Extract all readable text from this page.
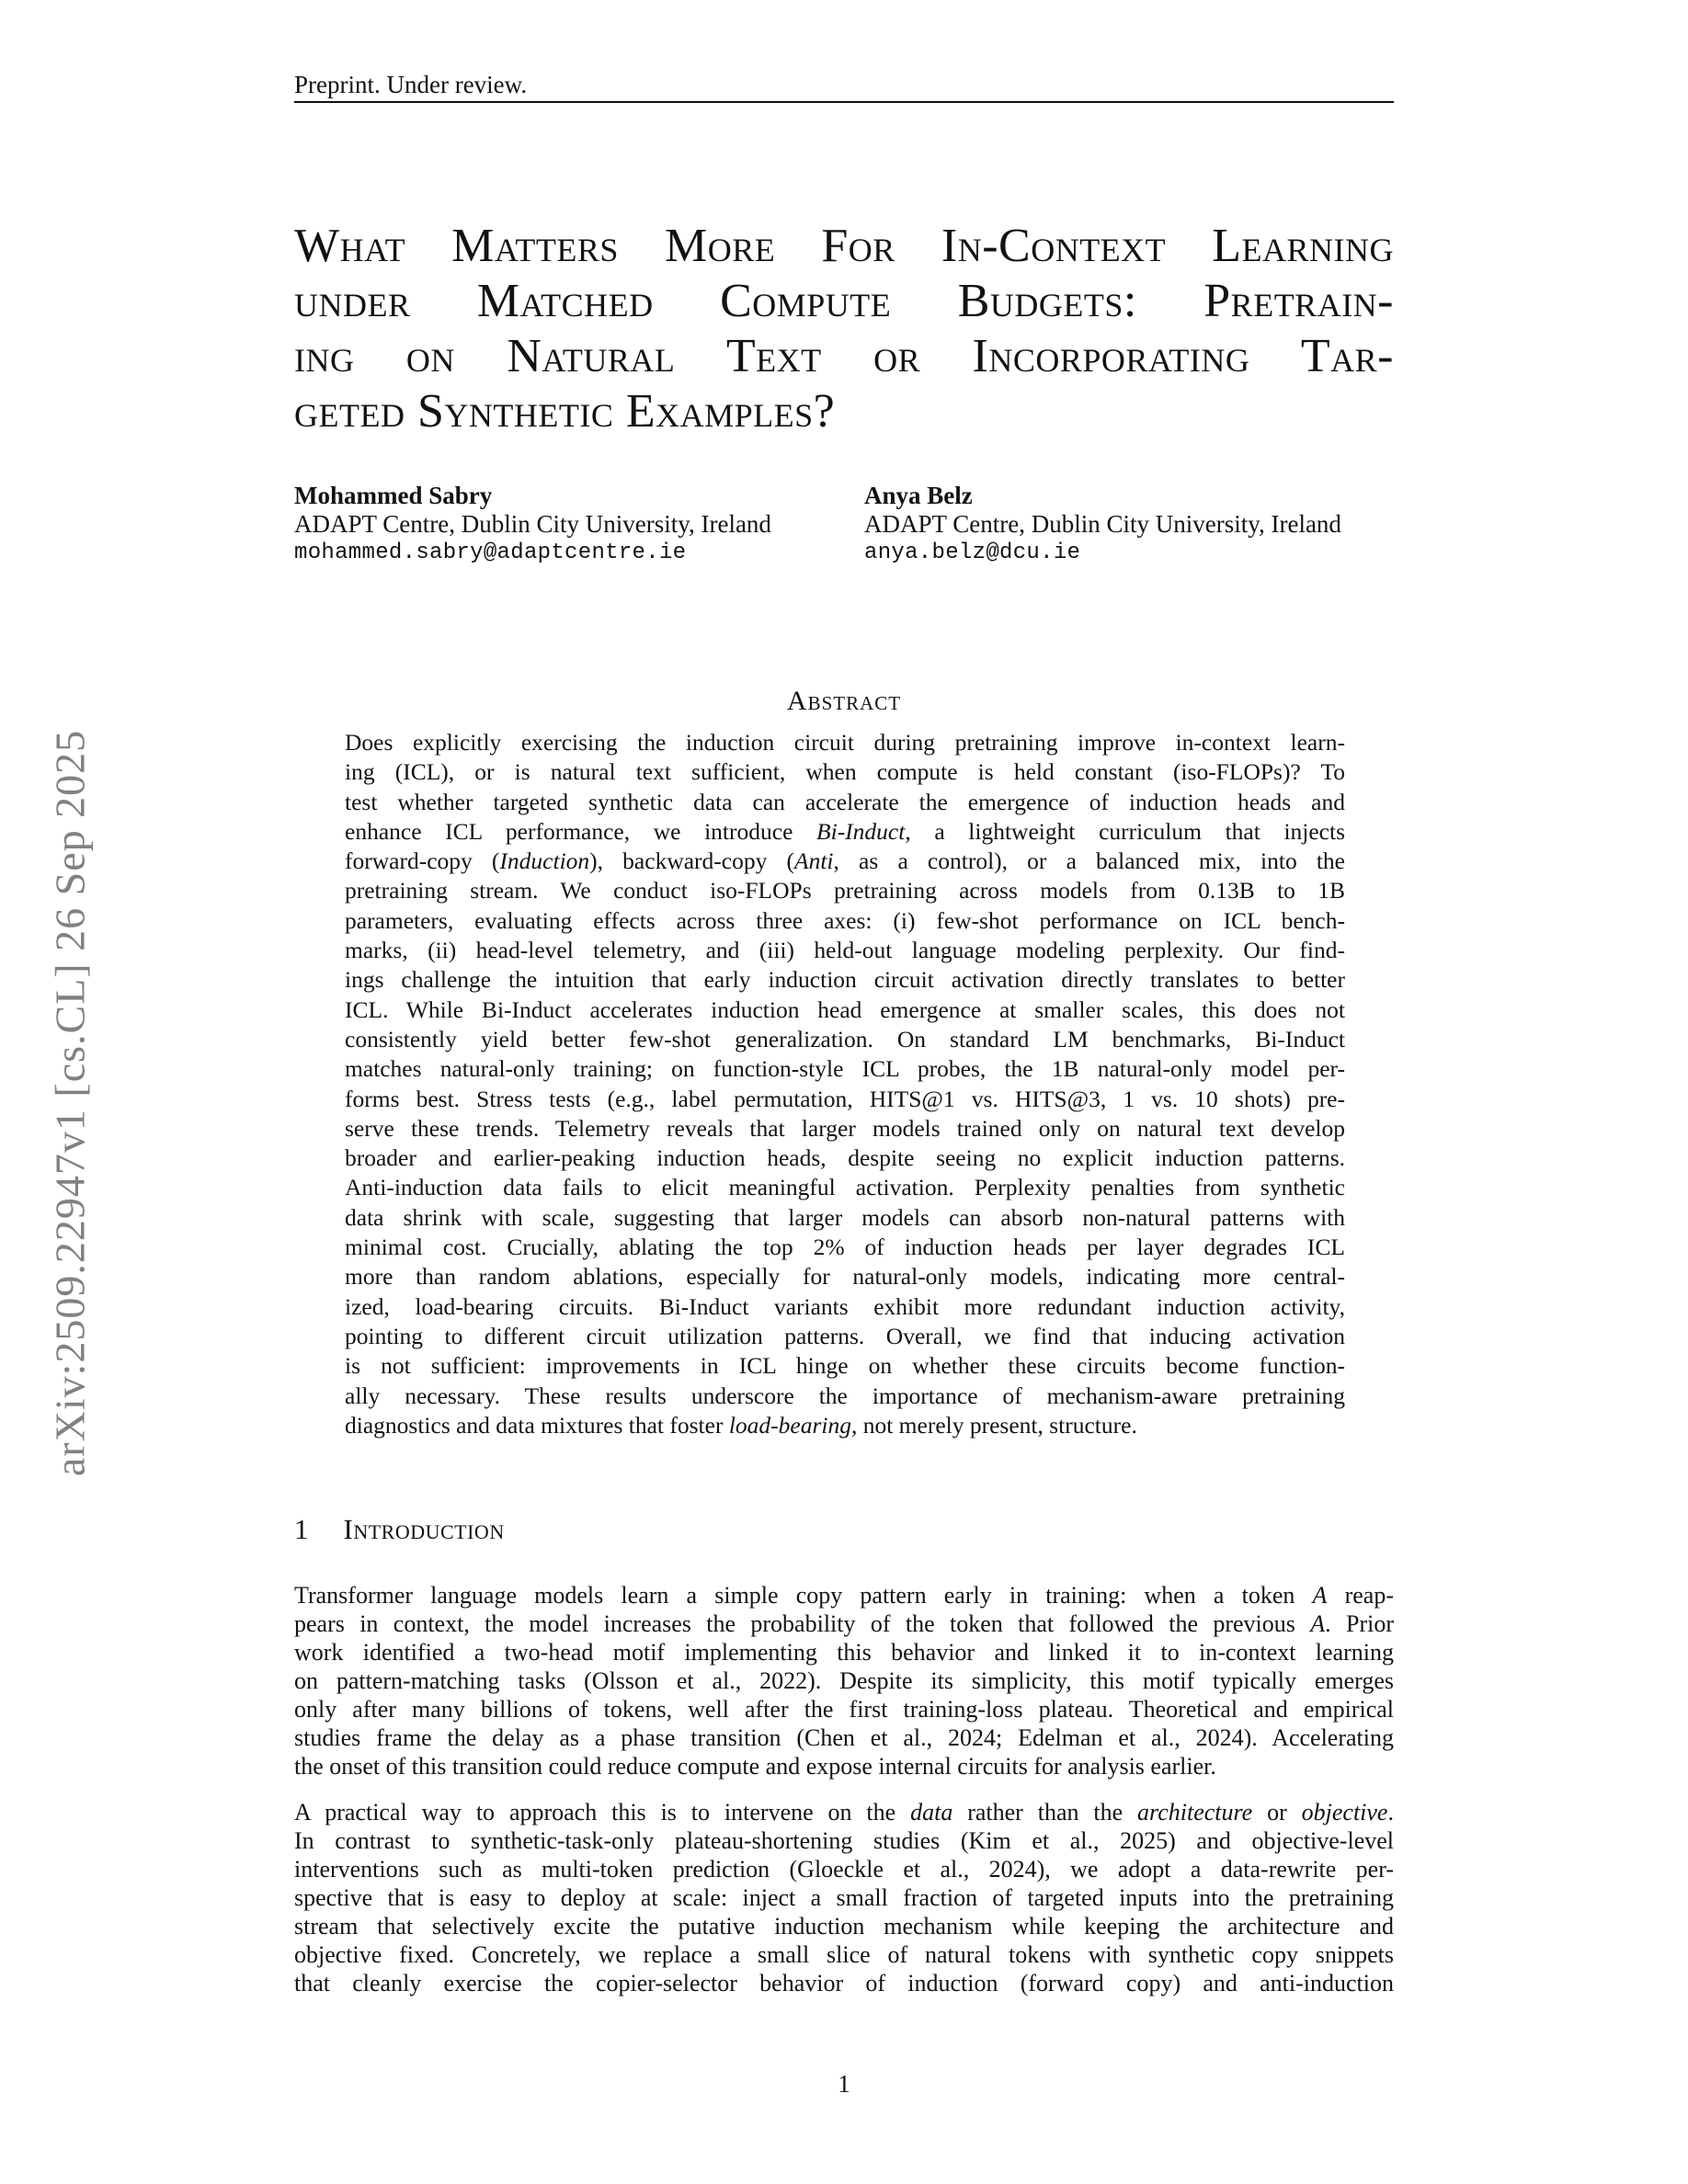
Preprint. Under review.
What Matters More For In-Context Learning
under Matched Compute Budgets: Pretrain-
ing on Natural Text or Incorporating Tar-
geted Synthetic Examples?
Mohammed Sabry
ADAPT Centre, Dublin City University, Ireland
mohammed.sabry@adaptcentre.ie
Anya Belz
ADAPT Centre, Dublin City University, Ireland
anya.belz@dcu.ie
Abstract
Does explicitly exercising the induction circuit during pretraining improve in-context learn-
ing (ICL), or is natural text sufficient, when compute is held constant (iso-FLOPs)? To
test whether targeted synthetic data can accelerate the emergence of induction heads and
enhance ICL performance, we introduce Bi-Induct, a lightweight curriculum that injects
forward-copy (Induction), backward-copy (Anti, as a control), or a balanced mix, into the
pretraining stream. We conduct iso-FLOPs pretraining across models from 0.13B to 1B
parameters, evaluating effects across three axes: (i) few-shot performance on ICL bench-
marks, (ii) head-level telemetry, and (iii) held-out language modeling perplexity. Our find-
ings challenge the intuition that early induction circuit activation directly translates to better
ICL. While Bi-Induct accelerates induction head emergence at smaller scales, this does not
consistently yield better few-shot generalization. On standard LM benchmarks, Bi-Induct
matches natural-only training; on function-style ICL probes, the 1B natural-only model per-
forms best. Stress tests (e.g., label permutation, HITS@1 vs. HITS@3, 1 vs. 10 shots) pre-
serve these trends. Telemetry reveals that larger models trained only on natural text develop
broader and earlier-peaking induction heads, despite seeing no explicit induction patterns.
Anti-induction data fails to elicit meaningful activation. Perplexity penalties from synthetic
data shrink with scale, suggesting that larger models can absorb non-natural patterns with
minimal cost. Crucially, ablating the top 2% of induction heads per layer degrades ICL
more than random ablations, especially for natural-only models, indicating more central-
ized, load-bearing circuits. Bi-Induct variants exhibit more redundant induction activity,
pointing to different circuit utilization patterns. Overall, we find that inducing activation
is not sufficient: improvements in ICL hinge on whether these circuits become function-
ally necessary. These results underscore the importance of mechanism-aware pretraining
diagnostics and data mixtures that foster load-bearing, not merely present, structure.
1 Introduction
Transformer language models learn a simple copy pattern early in training: when a token A reap-
pears in context, the model increases the probability of the token that followed the previous A. Prior
work identified a two-head motif implementing this behavior and linked it to in-context learning
on pattern-matching tasks (Olsson et al., 2022). Despite its simplicity, this motif typically emerges
only after many billions of tokens, well after the first training-loss plateau. Theoretical and empirical
studies frame the delay as a phase transition (Chen et al., 2024; Edelman et al., 2024). Accelerating
the onset of this transition could reduce compute and expose internal circuits for analysis earlier.
A practical way to approach this is to intervene on the data rather than the architecture or objective.
In contrast to synthetic-task-only plateau-shortening studies (Kim et al., 2025) and objective-level
interventions such as multi-token prediction (Gloeckle et al., 2024), we adopt a data-rewrite per-
spective that is easy to deploy at scale: inject a small fraction of targeted inputs into the pretraining
stream that selectively excite the putative induction mechanism while keeping the architecture and
objective fixed. Concretely, we replace a small slice of natural tokens with synthetic copy snippets
that cleanly exercise the copier-selector behavior of induction (forward copy) and anti-induction
arXiv:2509.22947v1 [cs.CL] 26 Sep 2025
1
